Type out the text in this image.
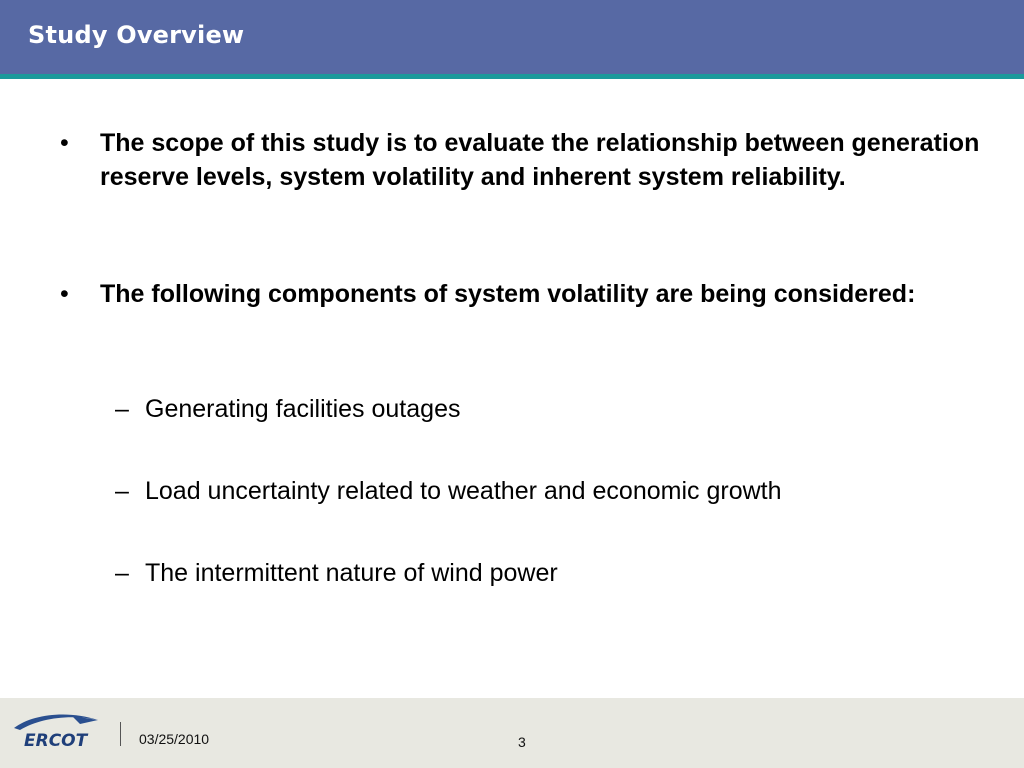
Study Overview
• The scope of this study is to evaluate the relationship between generation reserve levels, system volatility and inherent system reliability.
• The following components of system volatility are being considered:
– Generating facilities outages
– Load uncertainty related to weather and economic growth
– The intermittent nature of wind power
ERCOT	03/25/2010	3
